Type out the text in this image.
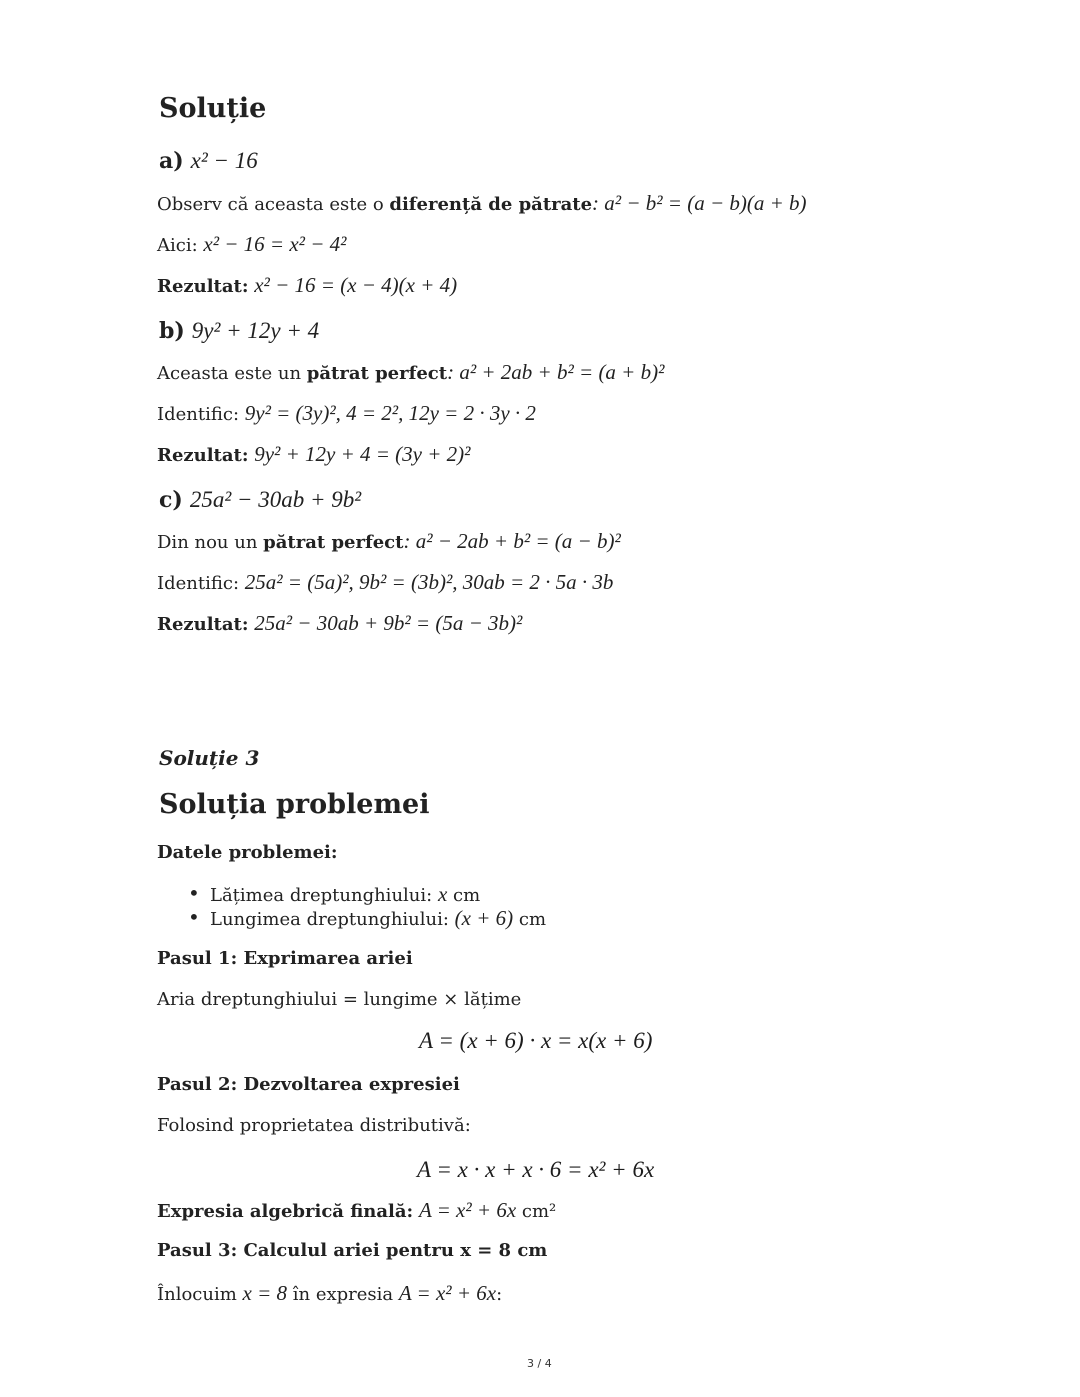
Soluție
a) x² − 16
Observ că aceasta este o diferență de pătrate: a² − b² = (a − b)(a + b)
Aici: x² − 16 = x² − 4²
Rezultat: x² − 16 = (x − 4)(x + 4)
b) 9y² + 12y + 4
Aceasta este un pătrat perfect: a² + 2ab + b² = (a + b)²
Identific: 9y² = (3y)², 4 = 2², 12y = 2 · 3y · 2
Rezultat: 9y² + 12y + 4 = (3y + 2)²
c) 25a² − 30ab + 9b²
Din nou un pătrat perfect: a² − 2ab + b² = (a − b)²
Identific: 25a² = (5a)², 9b² = (3b)², 30ab = 2 · 5a · 3b
Rezultat: 25a² − 30ab + 9b² = (5a − 3b)²
Soluție 3
Soluția problemei
Datele problemei:
• Lățimea dreptunghiului: x cm
• Lungimea dreptunghiului: (x + 6) cm
Pasul 1: Exprimarea ariei
Aria dreptunghiului = lungime × lățime
A = (x + 6) · x = x(x + 6)
Pasul 2: Dezvoltarea expresiei
Folosind proprietatea distributivă:
A = x · x + x · 6 = x² + 6x
Expresia algebrică finală: A = x² + 6x cm²
Pasul 3: Calculul ariei pentru x = 8 cm
Înlocuim x = 8 în expresia A = x² + 6x:
3 / 4
